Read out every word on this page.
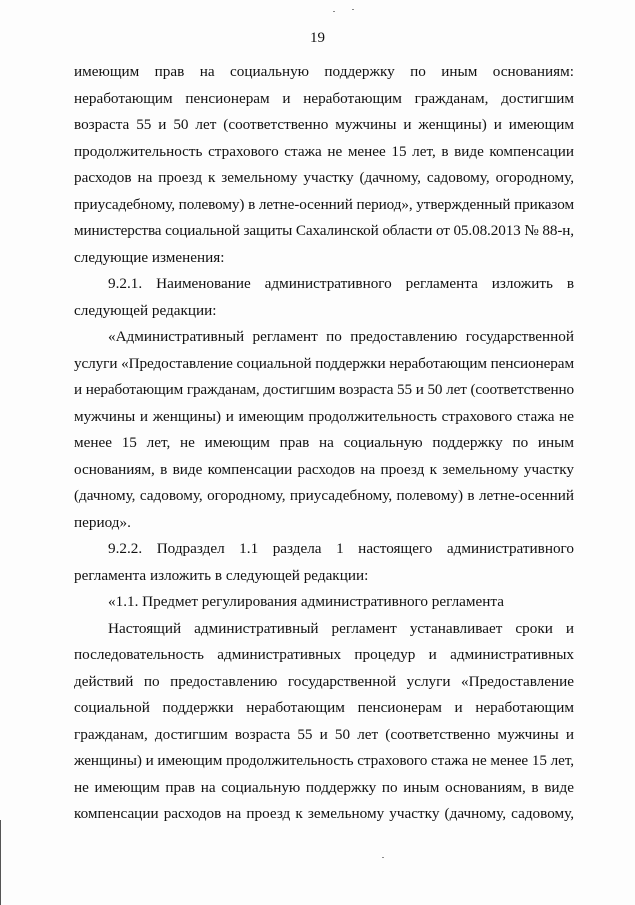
19
имеющим прав на социальную поддержку по иным основаниям:
неработающим пенсионерам и неработающим гражданам, достигшим
возраста 55 и 50 лет (соответственно мужчины и женщины) и имеющим
продолжительность страхового стажа не менее 15 лет, в виде компенсации
расходов на проезд к земельному участку (дачному, садовому, огородному,
приусадебному, полевому) в летне-осенний период», утвержденный приказом
министерства социальной защиты Сахалинской области от 05.08.2013 № 88-н,
следующие изменения:
9.2.1. Наименование административного регламента изложить в
следующей редакции:
«Административный регламент по предоставлению государственной
услуги «Предоставление социальной поддержки неработающим пенсионерам
и неработающим гражданам, достигшим возраста 55 и 50 лет (соответственно
мужчины и женщины) и имеющим продолжительность страхового стажа не
менее 15 лет, не имеющим прав на социальную поддержку по иным
основаниям, в виде компенсации расходов на проезд к земельному участку
(дачному, садовому, огородному, приусадебному, полевому) в летне-осенний
период».
9.2.2. Подраздел 1.1 раздела 1 настоящего административного
регламента изложить в следующей редакции:
«1.1. Предмет регулирования административного регламента
Настоящий административный регламент устанавливает сроки и
последовательность административных процедур и административных
действий по предоставлению государственной услуги «Предоставление
социальной поддержки неработающим пенсионерам и неработающим
гражданам, достигшим возраста 55 и 50 лет (соответственно мужчины и
женщины) и имеющим продолжительность страхового стажа не менее 15 лет,
не имеющим прав на социальную поддержку по иным основаниям, в виде
компенсации расходов на проезд к земельному участку (дачному, садовому,
